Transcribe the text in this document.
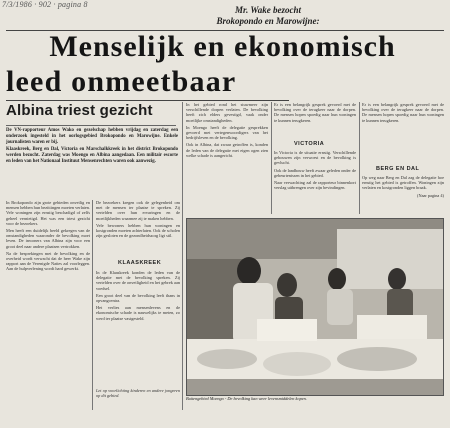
7/3/1986 · 902 · pagina 8
Mr. Wake bezocht
Brokopondo en Marowijne:
Menselijk en ekonomisch
leed onmeetbaar
Albina triest gezicht

De VN-rapporteur Amos Wako en gezelschap hebben vrijdag en zaterdag een onderzoek ingesteld in het oorlogsgebied Brokopondo en Marowijne. Enkele journalisten waren er bij.

Klaaskreek, Berg en Dal, Victoria en Marschalkkreek in het district Brokopondo werden bezocht. Zaterdag was Moengo en Albina aangedaan. Een militair escorte en leden van het Nationaal Instituut Mensenrechten waren ook aanwezig.

In Brokopondo zijn grote gebieden onveilig en mensen hebben hun bezittingen moeten verlaten. Vele woningen zijn ernstig beschadigd of zelfs geheel vernietigd. Het was een triest gezicht voor de bezoekers.

Men heeft een duidelijk beeld gekregen van de omstandigheden waaronder de bevolking moet leven. De inwoners van Albina zijn voor een groot deel naar andere plaatsen vertrokken.

Na de besprekingen met de bevolking en de overheid wordt verwacht dat de heer Wake zijn rapport aan de Verenigde Naties zal voorleggen. Aan de hulpverlening wordt hard gewerkt.

De bezoekers kregen ook de gelegenheid om met de mensen ter plaatse te spreken. Zij vertelden over hun ervaringen en de moeilijkheden waarmee zij te maken hebben.

Vele bewoners hebben hun woningen en kostgronden moeten achterlaten. Ook de scholen zijn gesloten en de gezondheidszorg ligt stil.

KLAASKREEK

In de Klaaskreek konden de leden van de delegatie met de bevolking spreken. Zij vertelden over de onveiligheid en het gebrek aan voedsel.

Een groot deel van de bevolking leeft thans in opvangcentra.

Het verlies aan mensenlevens en de ekonomische schade is nauwelijks te meten, zo werd ter plaatse vastgesteld.

Let op voorlichting kinderen en andere jongeren op dit gebied.

In het gebied rond het stuwmeer zijn verschillende dorpen verlaten. De bevolking heeft zich elders gevestigd, vaak onder moeilijke omstandigheden.

In Moengo heeft de delegatie gesprekken gevoerd met vertegenwoordigers van het bedrijfsleven en de bevolking.

Ook in Albina, dat zwaar getroffen is, konden de leden van de delegatie met eigen ogen zien welke schade is aangericht.

Er is een belangrijk gesprek gevoerd met de bevolking over de terugkeer naar de dorpen. De mensen hopen spoedig naar hun woningen te kunnen terugkeren.

VICTORIA

In Victoria is de situatie ernstig. Verschillende gebouwen zijn verwoest en de bevolking is gevlucht.

Ook de landbouw heeft zwaar geleden onder de gebeurtenissen in het gebied.

Naar verwachting zal de rapporteur binnenkort verslag uitbrengen over zijn bevindingen.

Er is een belangrijk gesprek gevoerd met de bevolking over de terugkeer naar de dorpen. De mensen hopen spoedig naar hun woningen te kunnen terugkeren.

BERG EN DAL

Op weg naar Berg en Dal zag de delegatie hoe ernstig het gebied is getroffen. Woningen zijn verlaten en kostgronden liggen braak.

(Naar pagina 4)

Buitengebied Moengo - De bevolking kan weer levensmiddelen kopen.
